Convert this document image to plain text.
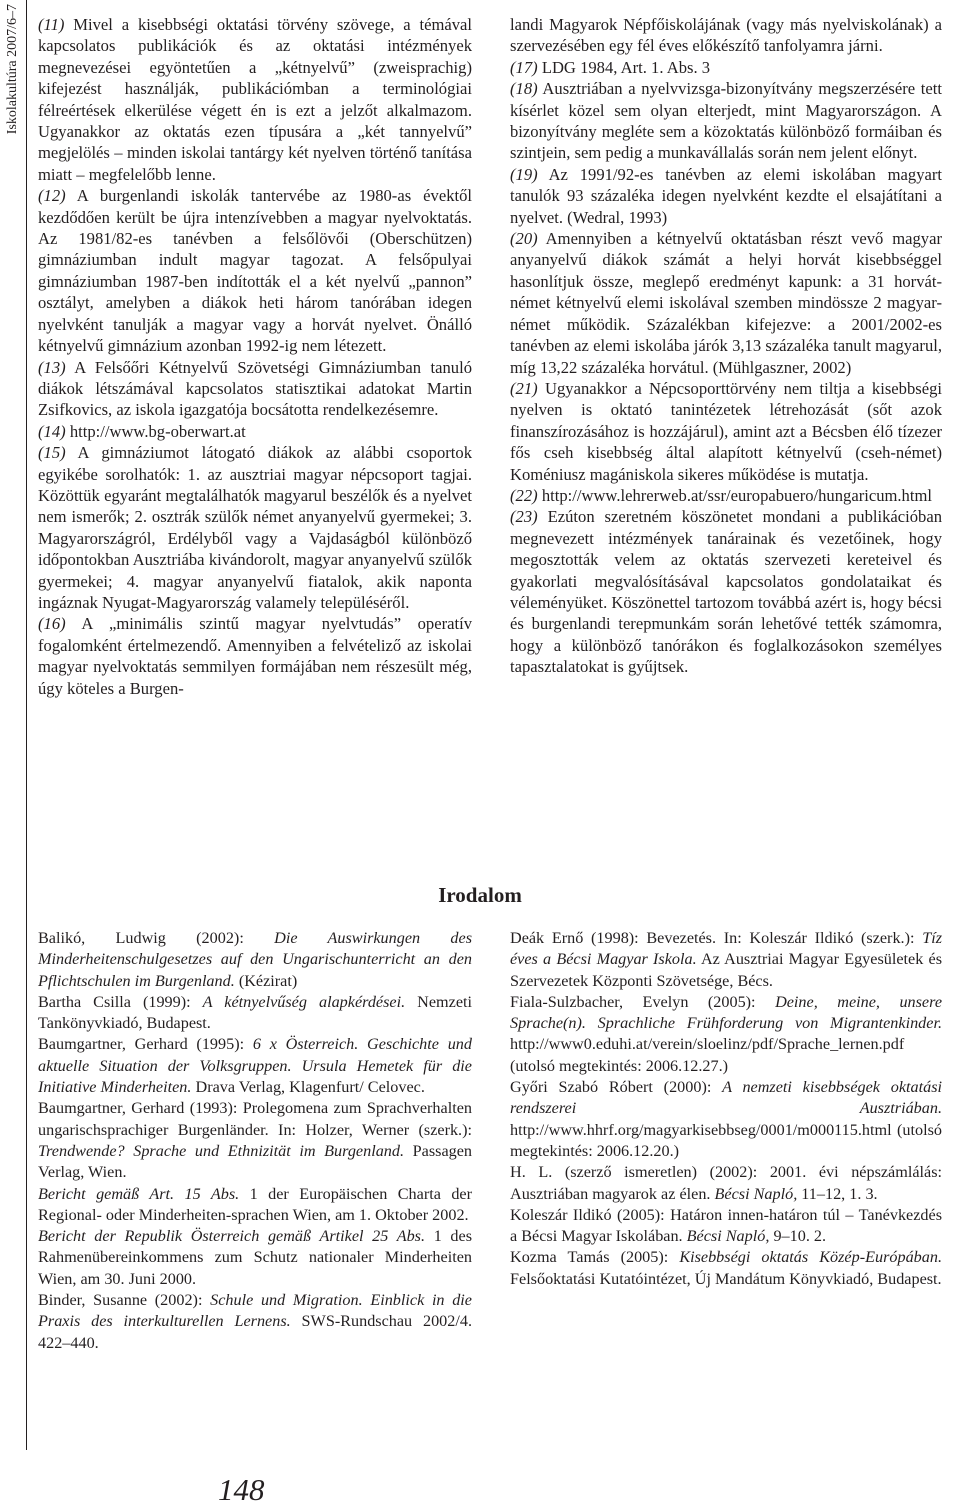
Iskolakultúra 2007/6–7 (11) Mivel a kisebbségi oktatási törvény szövege, a témával kapcsolatos publikációk és az oktatási intézmények megnevezései egyöntetűen a „kétnyelvű” (zweisprachig) kifejezést használják, publikációmban a terminológiai félreértések elkerülése végett én is ezt a jelzőt alkalmazom. Ugyanakkor az oktatás ezen típusára a „két tannyelvű” megjelölés – minden iskolai tantárgy két nyelven történő tanítása miatt – megfelelőbb lenne.

(12) A burgenlandi iskolák tantervébe az 1980-as évektől kezdődően került be újra intenzívebben a magyar nyelvoktatás. Az 1981/82-es tanévben a felsőlövői (Oberschützen) gimnáziumban indult magyar tagozat. A felsőpulyai gimnáziumban 1987-ben indították el a két nyelvű „pannon” osztályt, amelyben a diákok heti három tanórában idegen nyelvként tanulják a magyar vagy a horvát nyelvet. Önálló kétnyelvű gimnázium azonban 1992-ig nem létezett.

(13) A Felsőőri Kétnyelvű Szövetségi Gimnáziumban tanuló diákok létszámával kapcsolatos statisztikai adatokat Martin Zsifkovics, az iskola igazgatója bocsátotta rendelkezésemre.

(14) http://www.bg-oberwart.at

(15) A gimnáziumot látogató diákok az alábbi csoportok egyikébe sorolhatók: 1. az ausztriai magyar népcsoport tagjai. Közöttük egyaránt megtalálhatók magyarul beszélők és a nyelvet nem ismerők; 2. osztrák szülők német anyanyelvű gyermekei; 3. Magyarországról, Erdélyből vagy a Vajdaságból különböző időpontokban Ausztriába kivándorolt, magyar anyanyelvű szülők gyermekei; 4. magyar anyanyelvű fiatalok, akik naponta ingáznak Nyugat-Magyarország valamely településéről.

(16) A „minimális szintű magyar nyelvtudás” operatív fogalomként értelmezendő. Amennyiben a felvételiző az iskolai magyar nyelvoktatás semmilyen formájában nem részesült még, úgy köteles a Burgen-

landi Magyarok Népfőiskolájának (vagy más nyelviskolának) a szervezésében egy fél éves előkészítő tanfolyamra járni.

(17) LDG 1984, Art. 1. Abs. 3

(18) Ausztriában a nyelvvizsga-bizonyítvány megszerzésére tett kísérlet közel sem olyan elterjedt, mint Magyarországon. A bizonyítvány megléte sem a közoktatás különböző formáiban és szintjein, sem pedig a munkavállalás során nem jelent előnyt.

(19) Az 1991/92-es tanévben az elemi iskolában magyart tanulók 93 százaléka idegen nyelvként kezdte el elsajátítani a nyelvet. (Wedral, 1993)

(20) Amennyiben a kétnyelvű oktatásban részt vevő magyar anyanyelvű diákok számát a helyi horvát kisebbséggel hasonlítjuk össze, meglepő eredményt kapunk: a 31 horvát-német kétnyelvű elemi iskolával szemben mindössze 2 magyar-német működik. Százalékban kifejezve: a 2001/2002-es tanévben az elemi iskolába járók 3,13 százaléka tanult magyarul, míg 13,22 százaléka horvátul. (Mühlgaszner, 2002)

(21) Ugyanakkor a Népcsoporttörvény nem tiltja a kisebbségi nyelven is oktató tanintézetek létrehozását (sőt azok finanszírozásához is hozzájárul), amint azt a Bécsben élő tízezer fős cseh kisebbség által alapított kétnyelvű (cseh-német) Koméniusz magániskola sikeres működése is mutatja.

(22) http://www.lehrerweb.at/ssr/europabuero/hungaricum.html

(23) Ezúton szeretném köszönetet mondani a publikációban megnevezett intézmények tanárainak és vezetőinek, hogy megosztották velem az oktatás szervezeti kereteivel és gyakorlati megvalósításával kapcsolatos gondolataikat és véleményüket. Köszönettel tartozom továbbá azért is, hogy bécsi és burgenlandi terepmunkám során lehetővé tették számomra, hogy a különböző tanórákon és foglalkozásokon személyes tapasztalatokat is gyűjtsek.

Irodalom

Balikó, Ludwig (2002): Die Auswirkungen des Minderheitenschulgesetzes auf den Ungarischunterricht an den Pflichtschulen im Burgenland. (Kézirat)

Bartha Csilla (1999): A kétnyelvűség alapkérdései. Nemzeti Tankönyvkiadó, Budapest.

Baumgartner, Gerhard (1995): 6 x Österreich. Geschichte und aktuelle Situation der Volksgruppen. Ursula Hemetek für die Initiative Minderheiten. Drava Verlag, Klagenfurt/ Celovec.

Baumgartner, Gerhard (1993): Prolegomena zum Sprachverhalten ungarischsprachiger Burgenländer. In: Holzer, Werner (szerk.): Trendwende? Sprache und Ethnizität im Burgenland. Passagen Verlag, Wien.

Bericht gemäß Art. 15 Abs. 1 der Europäischen Charta der Regional- oder Minderheiten-sprachen Wien, am 1. Oktober 2002.

Bericht der Republik Österreich gemäß Artikel 25 Abs. 1 des Rahmenübereinkommens zum Schutz nationaler Minderheiten Wien, am 30. Juni 2000.

Binder, Susanne (2002): Schule und Migration. Einblick in die Praxis des interkulturellen Lernens. SWS-Rundschau 2002/4. 422–440.

Deák Ernő (1998): Bevezetés. In: Koleszár Ildikó (szerk.): Tíz éves a Bécsi Magyar Iskola. Az Ausztriai Magyar Egyesületek és Szervezetek Központi Szövetsége, Bécs.

Fiala-Sulzbacher, Evelyn (2005): Deine, meine, unsere Sprache(n). Sprachliche Frühforderung von Migrantenkinder. http://www0.eduhi.at/verein/sloelinz/pdf/Sprache_lernen.pdf (utolsó megtekintés: 2006.12.27.)

Győri Szabó Róbert (2000): A nemzeti kisebbségek oktatási rendszerei Ausztriában. http://www.hhrf.org/magyarkisebbseg/0001/m000115.html (utolsó megtekintés: 2006.12.20.)

H. L. (szerző ismeretlen) (2002): 2001. évi népszámlálás: Ausztriában magyarok az élen. Bécsi Napló, 11–12, 1. 3.

Koleszár Ildikó (2005): Határon innen-határon túl – Tanévkezdés a Bécsi Magyar Iskolában. Bécsi Napló, 9–10. 2.

Kozma Tamás (2005): Kisebbségi oktatás Közép-Európában. Felsőoktatási Kutatóintézet, Új Mandátum Könyvkiadó, Budapest.

148
